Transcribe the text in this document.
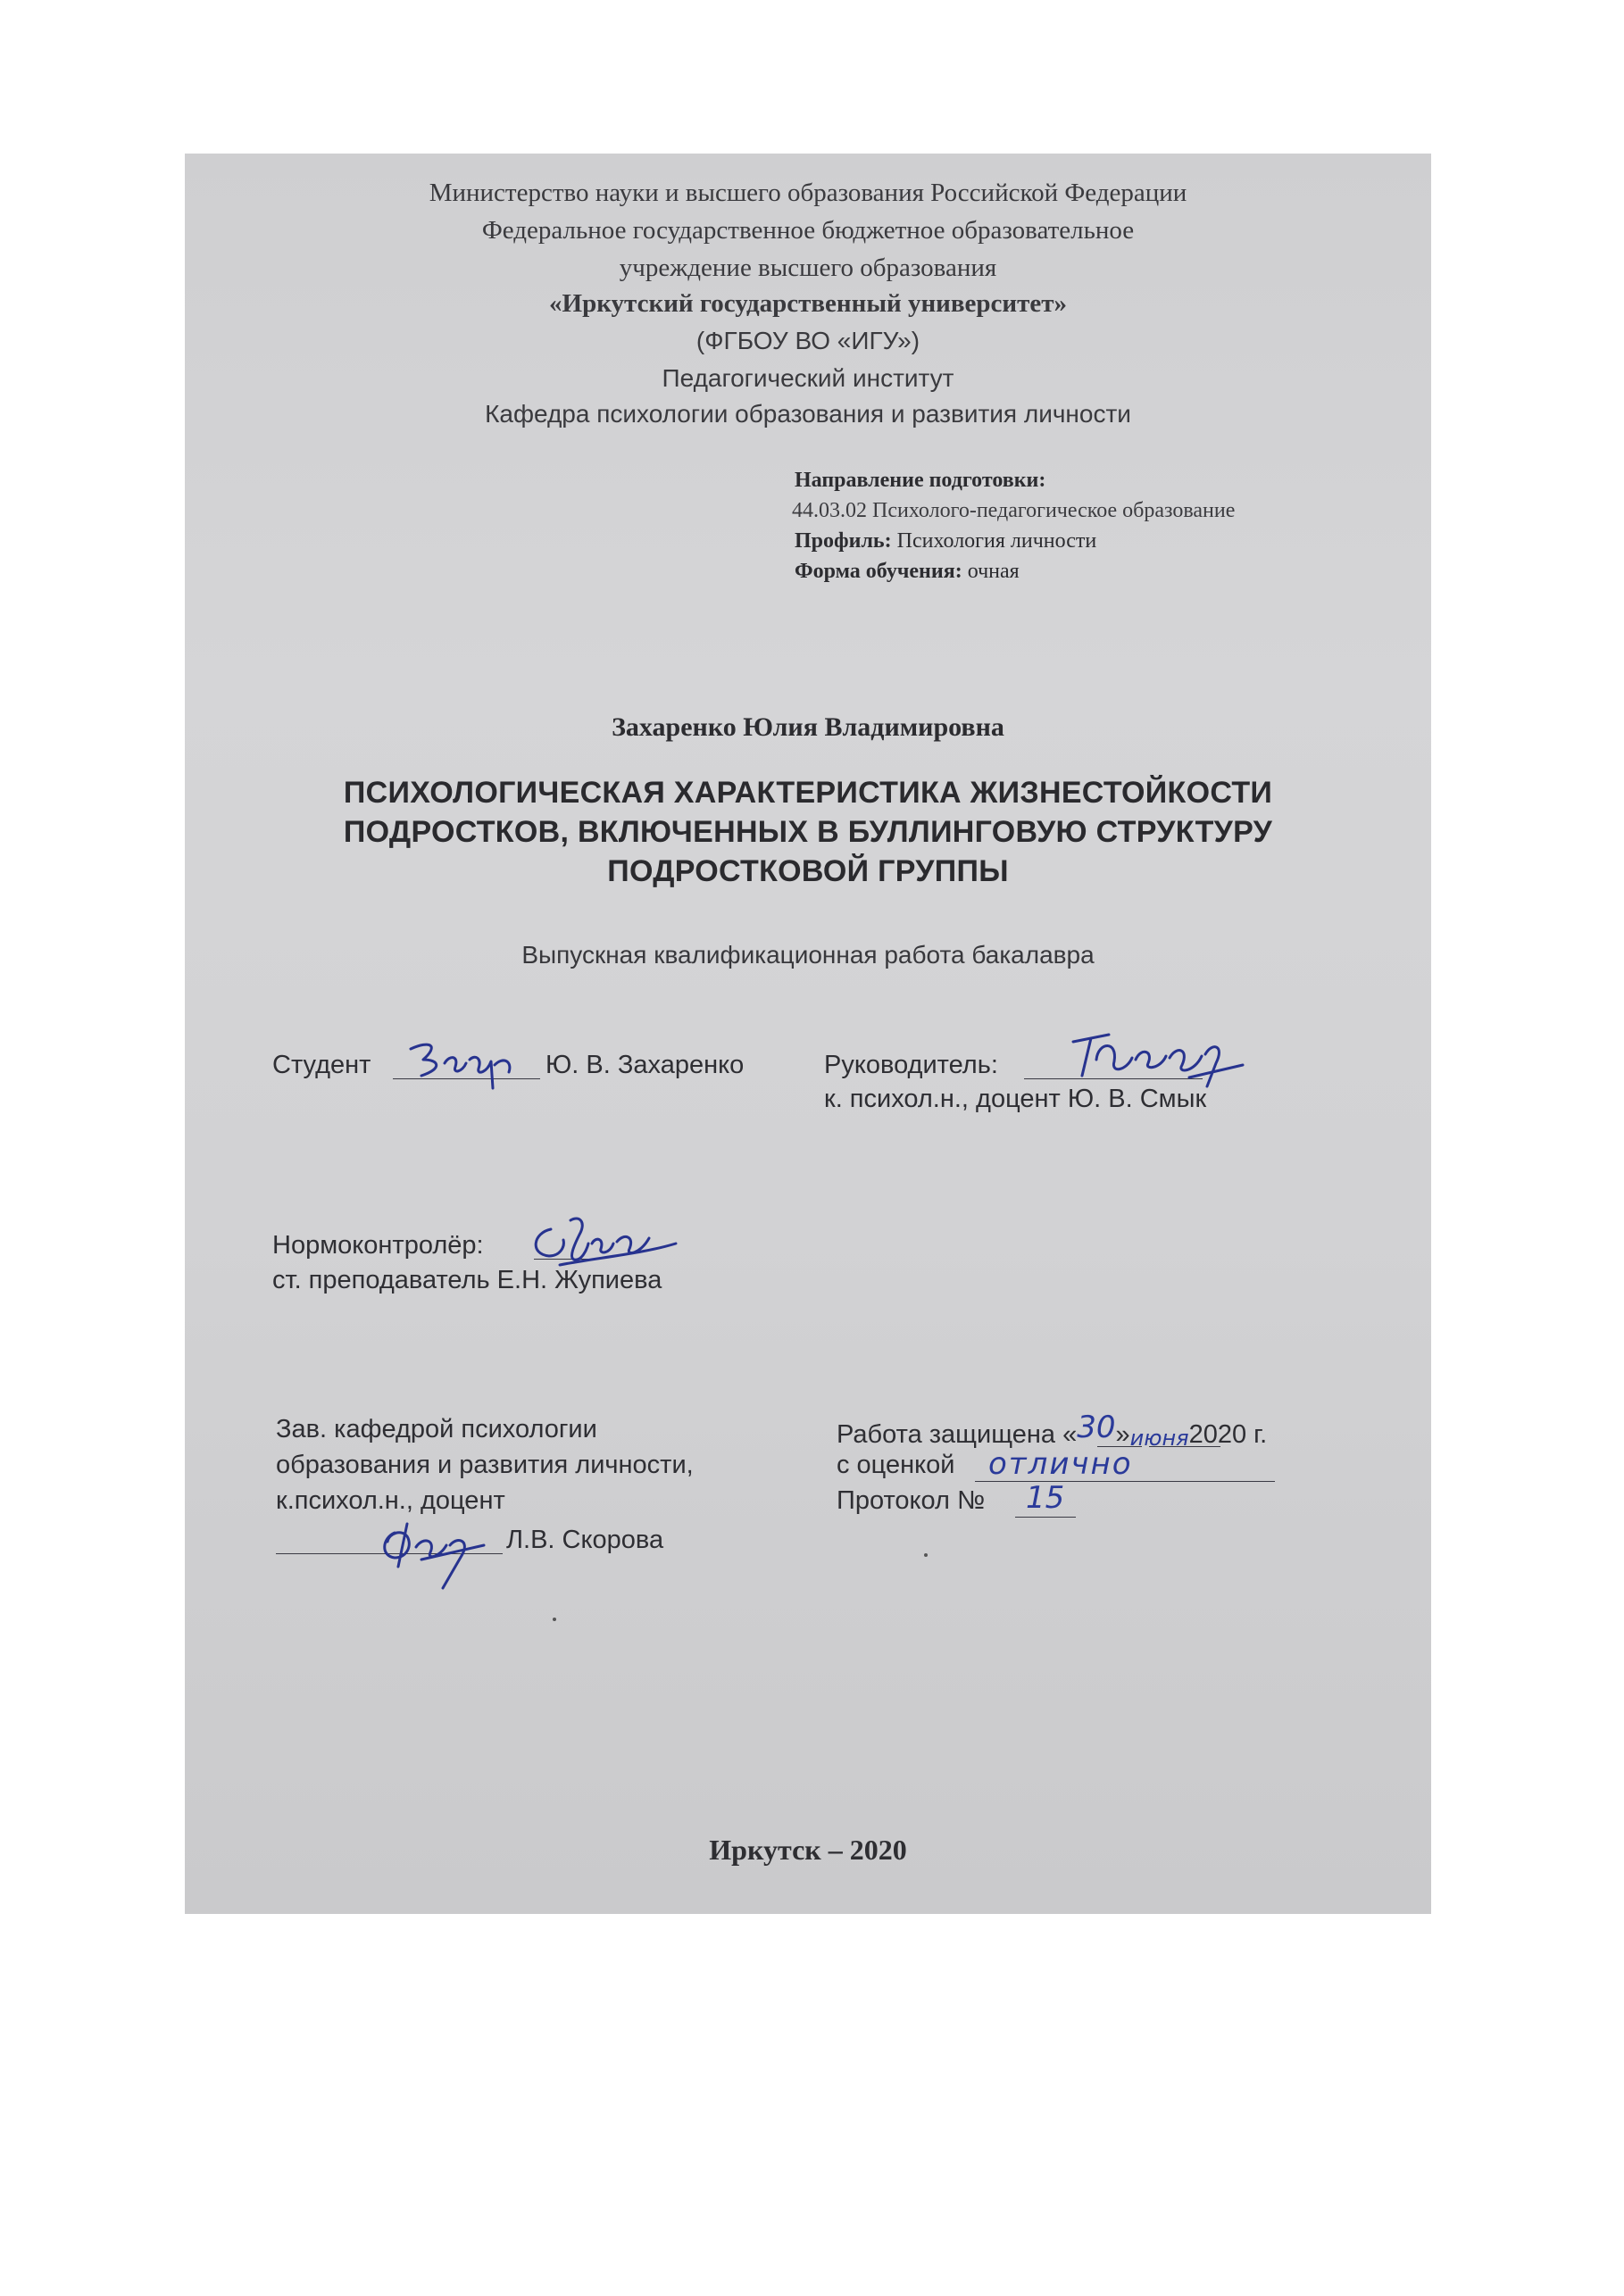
Министерство науки и высшего образования Российской Федерации
Федеральное государственное бюджетное образовательное
учреждение высшего образования
«Иркутский государственный университет»
(ФГБОУ ВО «ИГУ»)
Педагогический институт
Кафедра психологии образования и развития личности
Направление подготовки:
44.03.02 Психолого-педагогическое образование
Профиль: Психология личности
Форма обучения: очная
Захаренко Юлия Владимировна
ПСИХОЛОГИЧЕСКАЯ ХАРАКТЕРИСТИКА ЖИЗНЕСТОЙКОСТИ
ПОДРОСТКОВ, ВКЛЮЧЕННЫХ В БУЛЛИНГОВУЮ СТРУКТУРУ
ПОДРОСТКОВОЙ ГРУППЫ
Выпускная квалификационная работа бакалавра
Студент	Ю. В. Захаренко	Руководитель:
к. психол.н., доцент Ю. В. Смык
Нормоконтролёр:
ст. преподаватель Е.Н. Жупиева
Зав. кафедрой психологии
образования и развития личности,
к.психол.н., доцент
Л.В. Скорова
Работа защищена «30»июня2020 г.
с оценкой отлично
Протокол № 15
Иркутск – 2020
